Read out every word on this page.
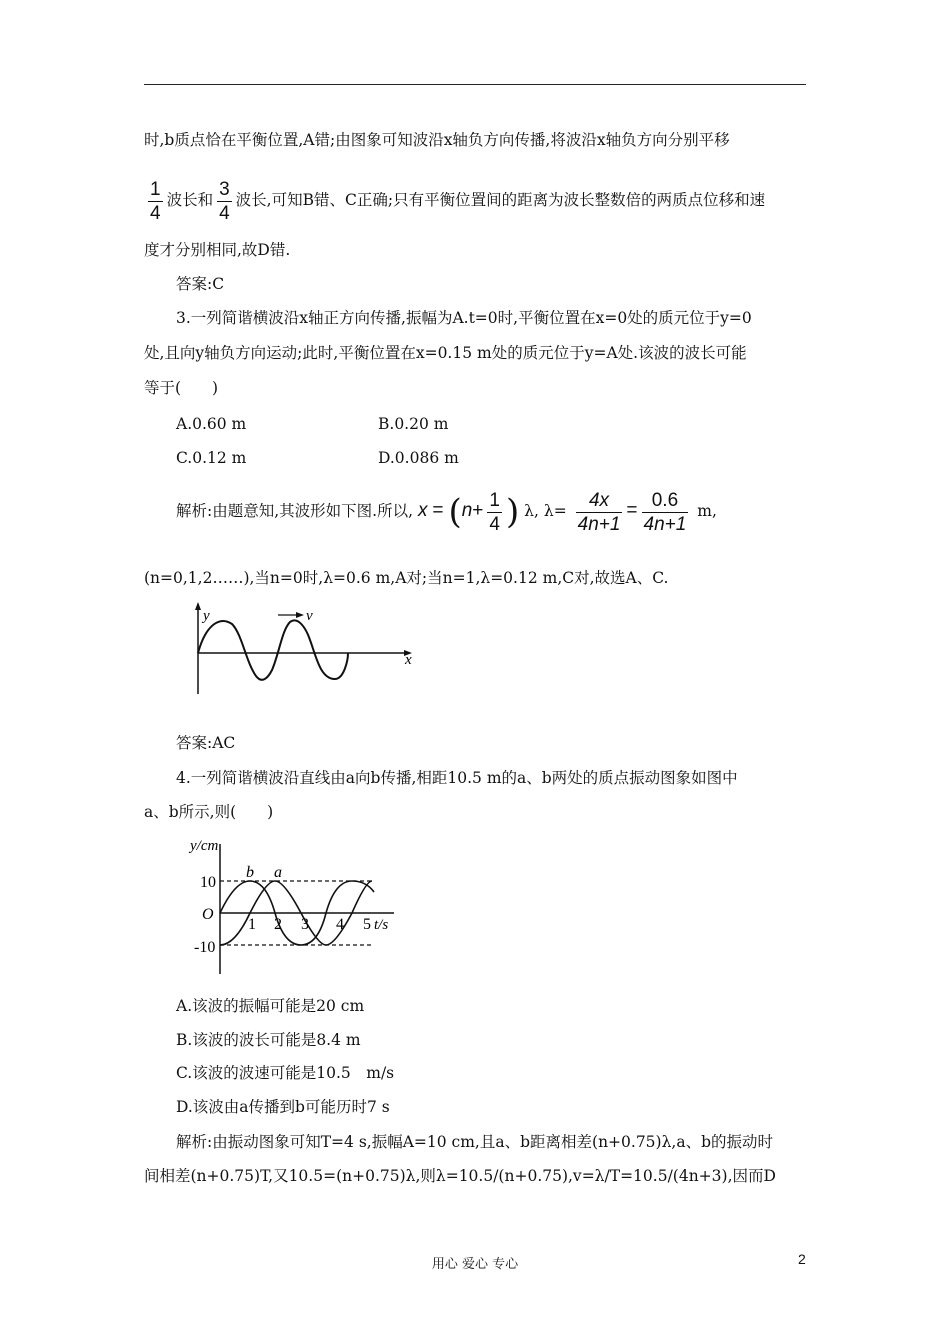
时,b质点恰在平衡位置,A错;由图象可知波沿x轴负方向传播,将波沿x轴负方向分别平移
$\frac{1}{4}$ 波长和 $\frac{3}{4}$ 波长,可知B错、C正确;只有平衡位置间的距离为波长整数倍的两质点位移和速
度才分别相同,故D错.
答案:C
3.一列简谐横波沿x轴正方向传播,振幅为A.t=0时,平衡位置在x=0处的质元位于y=0
处,且向y轴负方向运动;此时,平衡位置在x=0.15 m处的质元位于y=A处.该波的波长可能
等于(　　)
A.0.60 m	B.0.20 m
C.0.12 m	D.0.086 m
解析:由题意知,其波形如下图.所以, $x = (n+ \frac{1}{4}$ ) λ, $\lambda= \frac{4x}{4n+1} = \frac{0.6}{4n+1} m$,
(n=0,1,2……),当n=0时,λ=0.6 m,A对;当n=1,λ=0.12 m,C对,故选A、C.
y	v
x
答案:AC
4.一列简谐横波沿直线由a向b传播,相距10.5 m的a、b两处的质点振动图象如图中
a、b所示,则(　　)
y/cm
10
O
-10
1 2 3 4 5 t/s
b a
A.该波的振幅可能是20 cm
B.该波的波长可能是8.4 m
C.该波的波速可能是10.5　m/s
D.该波由a传播到b可能历时7 s
解析:由振动图象可知T=4 s,振幅A=10 cm,且a、b距离相差(n+0.75)λ,a、b的振动时
间相差(n+0.75)T,又10.5=(n+0.75)λ,则λ=10.5/(n+0.75),v=λ/T=10.5/(4n+3),因而D
用心 爱心 专心	2
